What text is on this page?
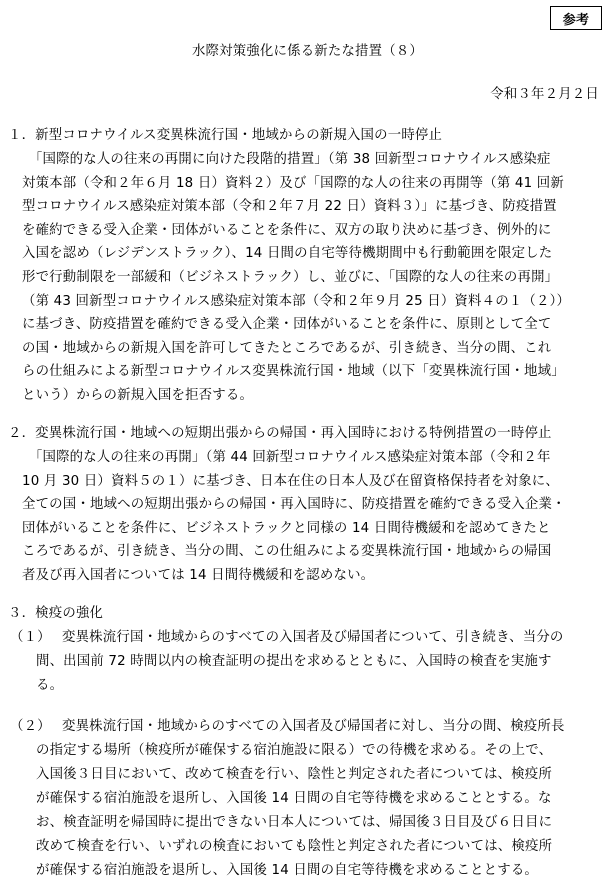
参考
水際対策強化に係る新たな措置（８）
令和３年２月２日
１．新型コロナウイルス変異株流行国・地域からの新規入国の一時停止
　「国際的な人の往来の再開に向けた段階的措置」（第 38 回新型コロナウイルス感染症
対策本部（令和２年６月 18 日）資料２）及び「国際的な人の往来の再開等（第 41 回新
型コロナウイルス感染症対策本部（令和２年７月 22 日）資料３）」に基づき、防疫措置
を確約できる受入企業・団体がいることを条件に、双方の取り決めに基づき、例外的に
入国を認め（レジデンストラック）、14 日間の自宅等待機期間中も行動範囲を限定した
形で行動制限を一部緩和（ビジネストラック）し、並びに、「国際的な人の往来の再開」
（第 43 回新型コロナウイルス感染症対策本部（令和２年９月 25 日）資料４の１（２））
に基づき、防疫措置を確約できる受入企業・団体がいることを条件に、原則として全て
の国・地域からの新規入国を許可してきたところであるが、引き続き、当分の間、これ
らの仕組みによる新型コロナウイルス変異株流行国・地域（以下「変異株流行国・地域」
という）からの新規入国を拒否する。
２．変異株流行国・地域への短期出張からの帰国・再入国時における特例措置の一時停止
　「国際的な人の往来の再開」（第 44 回新型コロナウイルス感染症対策本部（令和２年
10 月 30 日）資料５の１）に基づき、日本在住の日本人及び在留資格保持者を対象に、
全ての国・地域への短期出張からの帰国・再入国時に、防疫措置を確約できる受入企業・
団体がいることを条件に、ビジネストラックと同様の 14 日間待機緩和を認めてきたと
ころであるが、引き続き、当分の間、この仕組みによる変異株流行国・地域からの帰国
者及び再入国者については 14 日間待機緩和を認めない。
３．検疫の強化
（１） 変異株流行国・地域からのすべての入国者及び帰国者について、引き続き、当分の
間、出国前 72 時間以内の検査証明の提出を求めるとともに、入国時の検査を実施す
る。
（２） 変異株流行国・地域からのすべての入国者及び帰国者に対し、当分の間、検疫所長
の指定する場所（検疫所が確保する宿泊施設に限る）での待機を求める。その上で、
入国後３日目において、改めて検査を行い、陰性と判定された者については、検疫所
が確保する宿泊施設を退所し、入国後 14 日間の自宅等待機を求めることとする。な
お、検査証明を帰国時に提出できない日本人については、帰国後３日目及び６日目に
改めて検査を行い、いずれの検査においても陰性と判定された者については、検疫所
が確保する宿泊施設を退所し、入国後 14 日間の自宅等待機を求めることとする。
